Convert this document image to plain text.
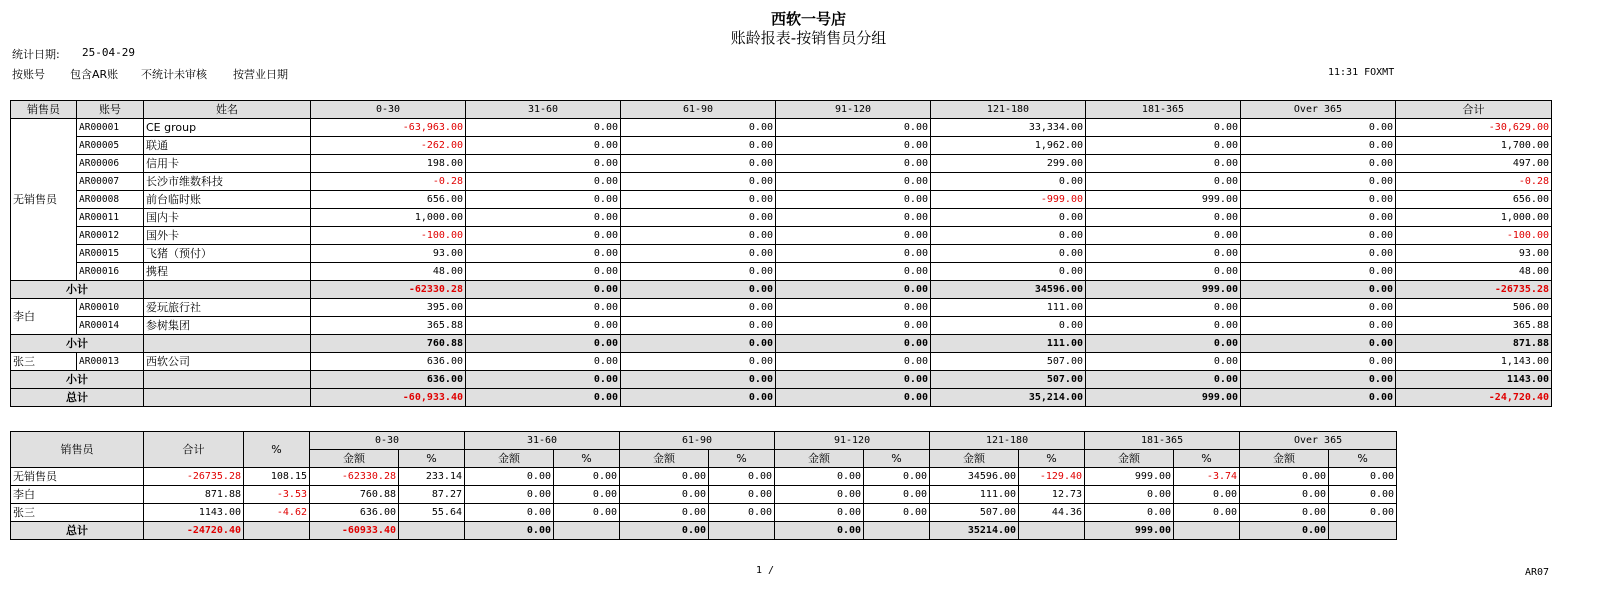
西软一号店
账龄报表-按销售员分组
统计日期: 25-04-29
按账号 包含AR账 不统计未审核 按营业日期	11:31 FOXMT
销售员	账号	姓名	0-30	31-60	61-90	91-120	121-180	181-365	Over 365	合计
无销售员	AR00001	CE group	-63,963.00	0.00	0.00	0.00	33,334.00	0.00	0.00	-30,629.00
	AR00005	联通	-262.00	0.00	0.00	0.00	1,962.00	0.00	0.00	1,700.00
	AR00006	信用卡	198.00	0.00	0.00	0.00	299.00	0.00	0.00	497.00
	AR00007	长沙市维数科技	-0.28	0.00	0.00	0.00	0.00	0.00	0.00	-0.28
	AR00008	前台临时账	656.00	0.00	0.00	0.00	-999.00	999.00	0.00	656.00
	AR00011	国内卡	1,000.00	0.00	0.00	0.00	0.00	0.00	0.00	1,000.00
	AR00012	国外卡	-100.00	0.00	0.00	0.00	0.00	0.00	0.00	-100.00
	AR00015	飞猪（预付）	93.00	0.00	0.00	0.00	0.00	0.00	0.00	93.00
	AR00016	携程	48.00	0.00	0.00	0.00	0.00	0.00	0.00	48.00
小计			-62330.28	0.00	0.00	0.00	34596.00	999.00	0.00	-26735.28
李白	AR00010	爱玩旅行社	395.00	0.00	0.00	0.00	111.00	0.00	0.00	506.00
	AR00014	参树集团	365.88	0.00	0.00	0.00	0.00	0.00	0.00	365.88
小计			760.88	0.00	0.00	0.00	111.00	0.00	0.00	871.88
张三	AR00013	西软公司	636.00	0.00	0.00	0.00	507.00	0.00	0.00	1,143.00
小计			636.00	0.00	0.00	0.00	507.00	0.00	0.00	1143.00
总计			-60,933.40	0.00	0.00	0.00	35,214.00	999.00	0.00	-24,720.40
销售员	合计	%	0-30		31-60		61-90		91-120		121-180		181-365		Over 365	
			金额	%	金额	%	金额	%	金额	%	金额	%	金额	%	金额	%
无销售员	-26735.28	108.15	-62330.28	233.14	0.00	0.00	0.00	0.00	0.00	0.00	34596.00	-129.40	999.00	-3.74	0.00	0.00
李白	871.88	-3.53	760.88	87.27	0.00	0.00	0.00	0.00	0.00	0.00	111.00	12.73	0.00	0.00	0.00	0.00
张三	1143.00	-4.62	636.00	55.64	0.00	0.00	0.00	0.00	0.00	0.00	507.00	44.36	0.00	0.00	0.00	0.00
总计	-24720.40		-60933.40		0.00		0.00		0.00		35214.00		999.00		0.00	
1 /	AR07
